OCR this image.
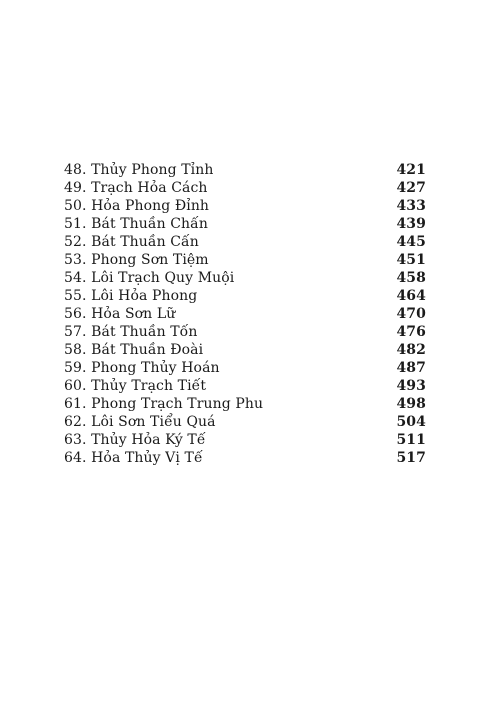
48. Thủy Phong Tỉnh	421
49. Trạch Hỏa Cách	427
50. Hỏa Phong Đỉnh	433
51. Bát Thuần Chấn	439
52. Bát Thuần Cấn	445
53. Phong Sơn Tiệm	451
54. Lôi Trạch Quy Muội	458
55. Lôi Hỏa Phong	464
56. Hỏa Sơn Lữ	470
57. Bát Thuần Tốn	476
58. Bát Thuần Đoài	482
59. Phong Thủy Hoán	487
60. Thủy Trạch Tiết	493
61. Phong Trạch Trung Phu	498
62. Lôi Sơn Tiểu Quá	504
63. Thủy Hỏa Ký Tế	511
64. Hỏa Thủy Vị Tế	517
